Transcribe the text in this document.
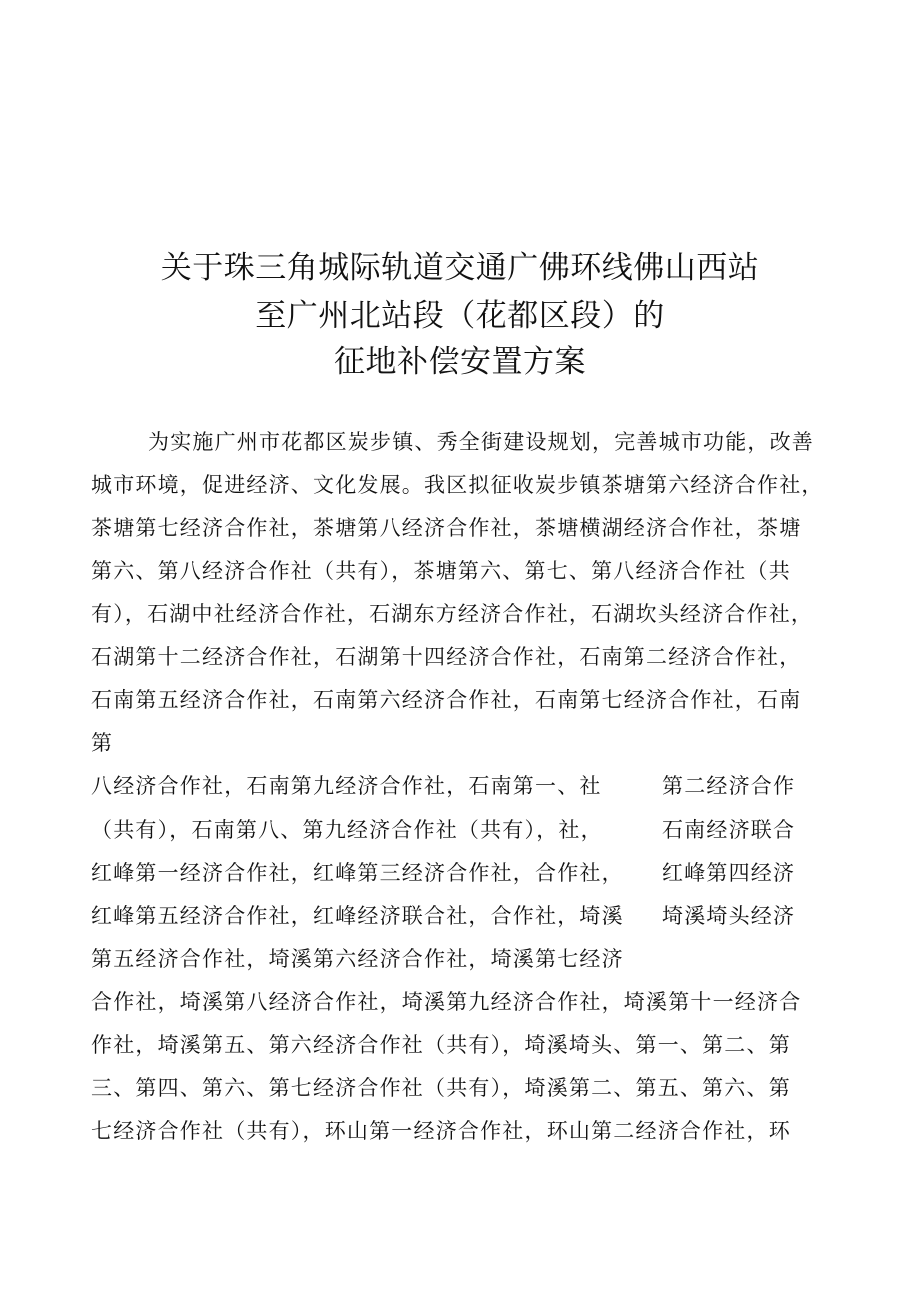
关于珠三角城际轨道交通广佛环线佛山西站
至广州北站段（花都区段）的
征地补偿安置方案
为实施广州市花都区炭步镇、秀全街建设规划，完善城市功能，改善
城市环境，促进经济、文化发展。我区拟征收炭步镇茶塘第六经济合作社，
茶塘第七经济合作社，茶塘第八经济合作社，茶塘横湖经济合作社，茶塘
第六、第八经济合作社（共有），茶塘第六、第七、第八经济合作社（共
有），石湖中社经济合作社，石湖东方经济合作社，石湖坎头经济合作社，
石湖第十二经济合作社，石湖第十四经济合作社，石南第二经济合作社，
石南第五经济合作社，石南第六经济合作社，石南第七经济合作社，石南
第
八经济合作社，石南第九经济合作社，石南第一、社	第二经济合作
（共有），石南第八、第九经济合作社（共有），社，	石南经济联合
红峰第一经济合作社，红峰第三经济合作社，合作社， 红峰第四经济
红峰第五经济合作社，红峰经济联合社，合作社，埼溪 埼溪埼头经济
第五经济合作社，埼溪第六经济合作社，埼溪第七经济
合作社，埼溪第八经济合作社，埼溪第九经济合作社，埼溪第十一经济合
作社，埼溪第五、第六经济合作社（共有），埼溪埼头、第一、第二、第
三、第四、第六、第七经济合作社（共有），埼溪第二、第五、第六、第
七经济合作社（共有），环山第一经济合作社，环山第二经济合作社，环
